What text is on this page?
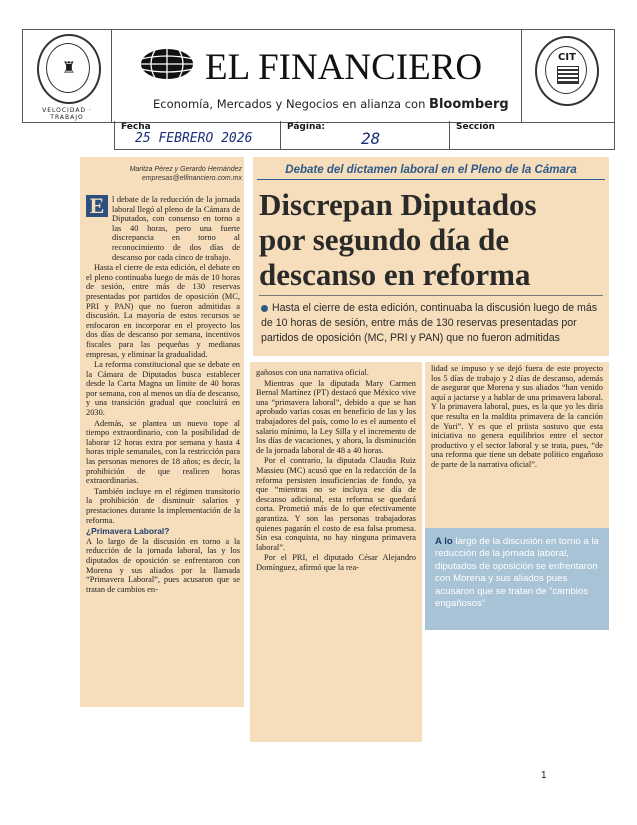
♜
VELOCIDAD · TRABAJO
EL FINANCIERO
Economía, Mercados y Negocios en alianza con Bloomberg
CIT
Fecha
25 FEBRERO 2026
Página:
28
Sección
Maritza Pérez y Gerardo Hernández
empresas@elfinanciero.com.mx
E l debate de la reducción de la jornada laboral llegó al pleno de la Cámara de Diputados, con consenso en torno a las 40 horas, pero una fuerte discrepancia en torno al reconocimiento de dos días de descanso por cada cinco de trabajo.

Hasta el cierre de esta edición, el debate en el pleno continuaba luego de más de 10 horas de sesión, entre más de 130 reservas presentadas por partidos de oposición (MC, PRI y PAN) que no fueron admitidas a discusión. La mayoría de estos recursos se enfocaron en incorporar en el proyecto los dos días de descanso por semana, incentivos fiscales para las pequeñas y medianas empresas, y eliminar la gradualidad.

La reforma constitucional que se debate en la Cámara de Diputados busca establecer desde la Carta Magna un límite de 40 horas por semana, con al menos un día de descanso, y una transición gradual que concluirá en 2030.

Además, se plantea un nuevo tope al tiempo extraordinario, con la posibilidad de laborar 12 horas extra por semana y hasta 4 horas triple semanales, con la restricción para las personas menores de 18 años; es decir, la prohibición de que realicen horas extraordinarias.

También incluye en el régimen transitorio la prohibición de disminuir salarios y prestaciones durante la implementación de la reforma.

¿Primavera Laboral?

A lo largo de la discusión en torno a la reducción de la jornada laboral, las y los diputados de oposición se enfrentaron con Morena y sus aliados por la llamada “Primavera Laboral”, pues acusaron que se tratan de cambios en-

Debate del dictamen laboral en el Pleno de la Cámara
Discrepan Diputados
por segundo día de
descanso en reforma
Hasta el cierre de esta edición, continuaba la discusión luego de más de 10 horas de sesión, entre más de 130 reservas presentadas por partidos de oposición (MC, PRI y PAN) que no fueron admitidas

gañosos con una narrativa oficial.

Mientras que la diputada Mary Carmen Bernal Martínez (PT) destacó que México vive una “primavera laboral”, debido a que se han aprobado varias cosas en beneficio de las y los trabajadores del país, como lo es el aumento el salario mínimo, la Ley Silla y el incremento de los días de vacaciones, y ahora, la disminución de la jornada laboral de 48 a 40 horas.

Por el contrario, la diputada Claudia Ruiz Massieu (MC) acusó que en la redacción de la reforma persisten insuficiencias de fondo, ya que “mientras no se incluya ese día de descanso adicional, esta reforma se quedará corta. Prometió más de lo que efectivamente garantiza. Y son las personas trabajadoras quienes pagarán el costo de esa falsa promesa. Sin esa conquista, no hay ninguna primavera laboral”.

Por el PRI, el diputado César Alejandro Domínguez, afirmó que la rea-

lidad se impuso y se dejó fuera de este proyecto los 5 días de trabajo y 2 días de descanso, además de asegurar que Morena y sus aliados “han venido aquí a jactarse y a hablar de una primavera laboral. Y la primavera laboral, pues, es la que yo les diría que resulta en la maldita primavera de la canción de Yuri”. Y es que el priista sostuvo que esta iniciativa no genera equilibrios entre el sector productivo y el sector laboral y se trata, pues, “de una reforma que tiene un debate político engañoso de parte de la narrativa oficial”.

A lo largo de la discusión en torno a la reducción de la jornada laboral, diputados de oposición se enfrentaron con Morena y sus aliados pues acusaron que se tratan de “cambios engañosos”
1
